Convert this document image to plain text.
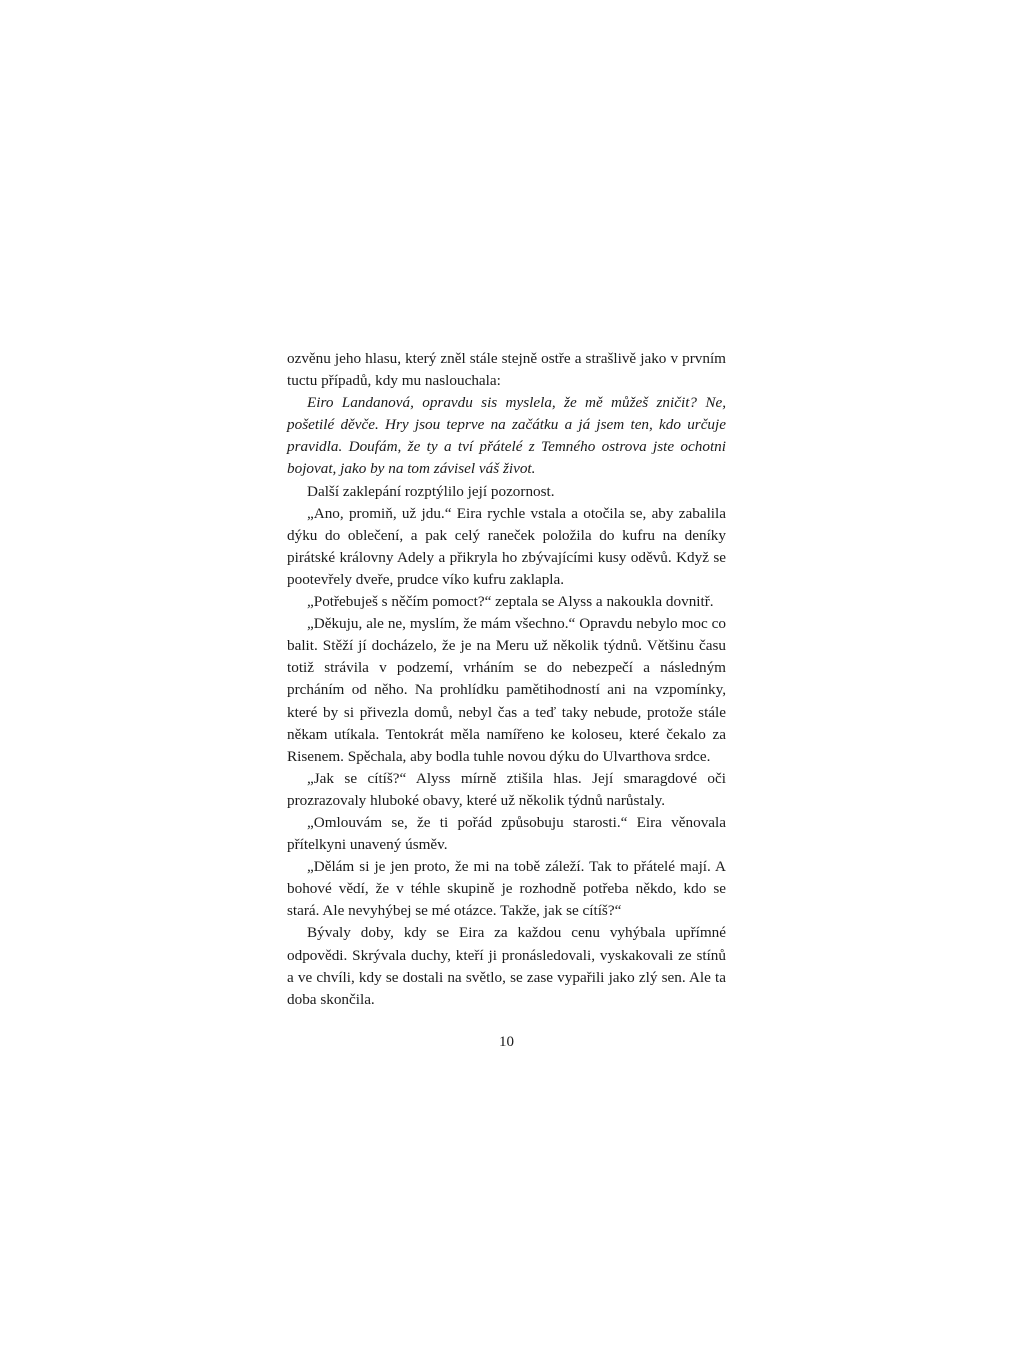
ozvěnu jeho hlasu, který zněl stále stejně ostře a strašlivě jako v prvním tuctu případů, kdy mu naslouchala:

Eiro Landanová, opravdu sis myslela, že mě můžeš zničit? Ne, pošetilé děvče. Hry jsou teprve na začátku a já jsem ten, kdo určuje pravidla. Doufám, že ty a tví přátelé z Temného ostrova jste ochotni bojovat, jako by na tom závisel váš život.

Další zaklepání rozptýlilo její pozornost.

„Ano, promiň, už jdu.“ Eira rychle vstala a otočila se, aby zabalila dýku do oblečení, a pak celý raneček položila do kufru na deníky pirátské královny Adely a přikryla ho zbývajícími kusy oděvů. Když se pootevřely dveře, prudce víko kufru zaklapla.

„Potřebuješ s něčím pomoct?“ zeptala se Alyss a nakoukla dovnitř.

„Děkuju, ale ne, myslím, že mám všechno.“ Opravdu nebylo moc co balit. Stěží jí docházelo, že je na Meru už několik týdnů. Většinu času totiž strávila v podzemí, vrháním se do nebezpečí a následným prcháním od něho. Na prohlídku pamětihodností ani na vzpomínky, které by si přivezla domů, nebyl čas a teď taky nebude, protože stále někam utíkala. Tentokrát měla namířeno ke koloseu, které čekalo za Risenem. Spěchala, aby bodla tuhle novou dýku do Ulvarthova srdce.

„Jak se cítíš?“ Alyss mírně ztišila hlas. Její smaragdové oči prozrazovaly hluboké obavy, které už několik týdnů narůstaly.

„Omlouvám se, že ti pořád způsobuju starosti.“ Eira věnovala přítelkyni unavený úsměv.

„Dělám si je jen proto, že mi na tobě záleží. Tak to přátelé mají. A bohové vědí, že v téhle skupině je rozhodně potřeba někdo, kdo se stará. Ale nevyhýbej se mé otázce. Takže, jak se cítíš?“

Bývaly doby, kdy se Eira za každou cenu vyhýbala upřímné odpovědi. Skrývala duchy, kteří ji pronásledovali, vyskakovali ze stínů a ve chvíli, kdy se dostali na světlo, se zase vypařili jako zlý sen. Ale ta doba skončila.

10
